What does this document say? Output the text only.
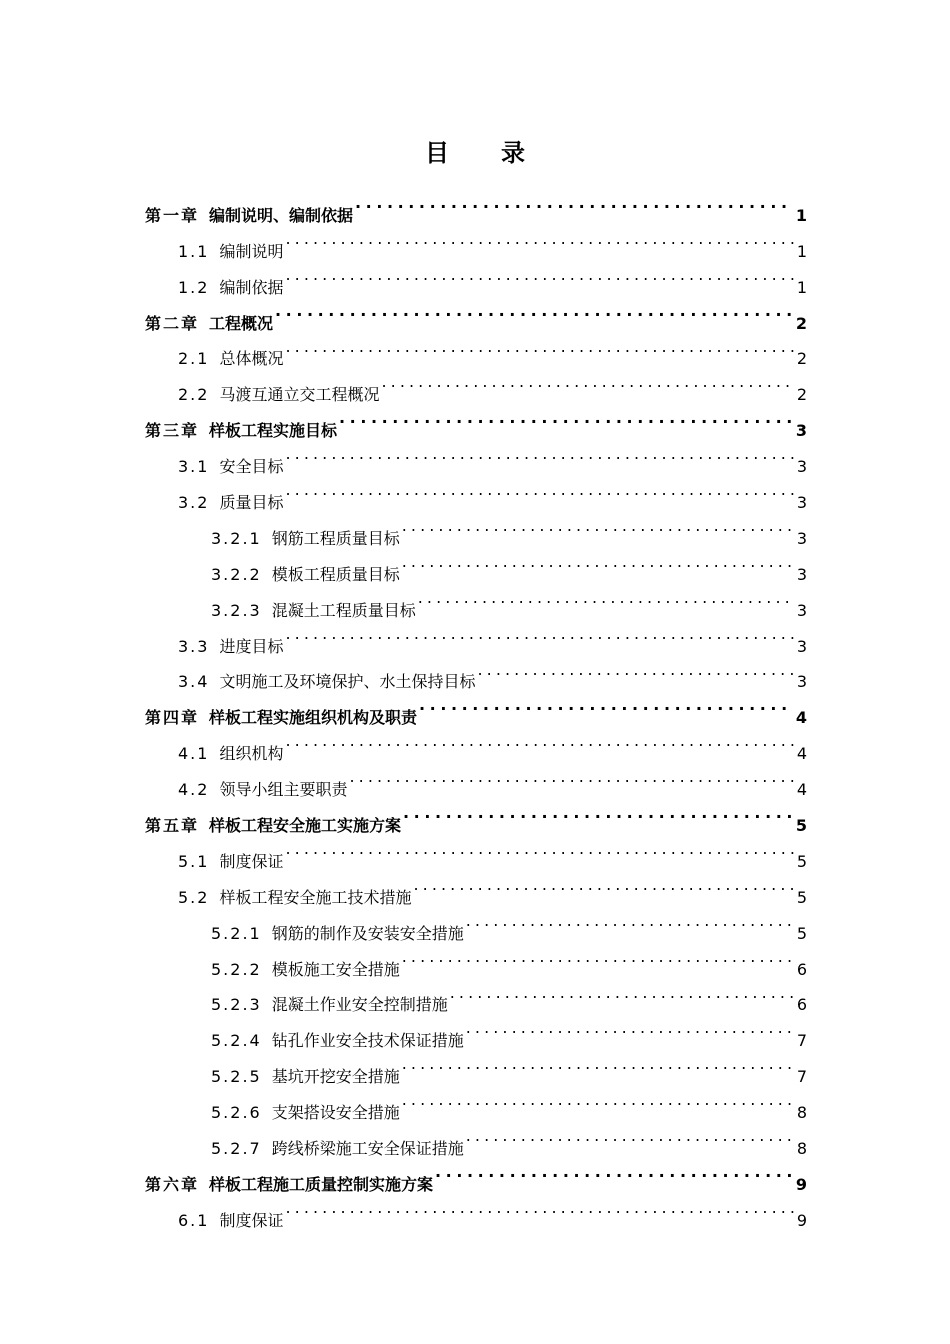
目 录
第一章 编制说明、编制依据 . . .	1
1.1 编制说明 . . .	1
1.2 编制依据 . . .	1
第二章 工程概况 . . .	2
2.1 总体概况 . . .	2
2.2 马渡互通立交工程概况 . . .	2
第三章 样板工程实施目标 . . .	3
3.1 安全目标 . . .	3
3.2 质量目标 . . .	3
3.2.1 钢筋工程质量目标 . . .	3
3.2.2 模板工程质量目标 . . .	3
3.2.3 混凝土工程质量目标 . . .	3
3.3 进度目标 . . .	3
3.4 文明施工及环境保护、水土保持目标 . . .	3
第四章 样板工程实施组织机构及职责 . . .	4
4.1 组织机构 . . .	4
4.2 领导小组主要职责 . . .	4
第五章 样板工程安全施工实施方案 . . .	5
5.1 制度保证 . . .	5
5.2 样板工程安全施工技术措施 . . .	5
5.2.1 钢筋的制作及安装安全措施 . . .	5
5.2.2 模板施工安全措施 . . .	6
5.2.3 混凝土作业安全控制措施 . . .	6
5.2.4 钻孔作业安全技术保证措施 . . .	7
5.2.5 基坑开挖安全措施 . . .	7
5.2.6 支架搭设安全措施 . . .	8
5.2.7 跨线桥梁施工安全保证措施 . . .	8
第六章 样板工程施工质量控制实施方案 . . .	9
6.1 制度保证 . . .	9
